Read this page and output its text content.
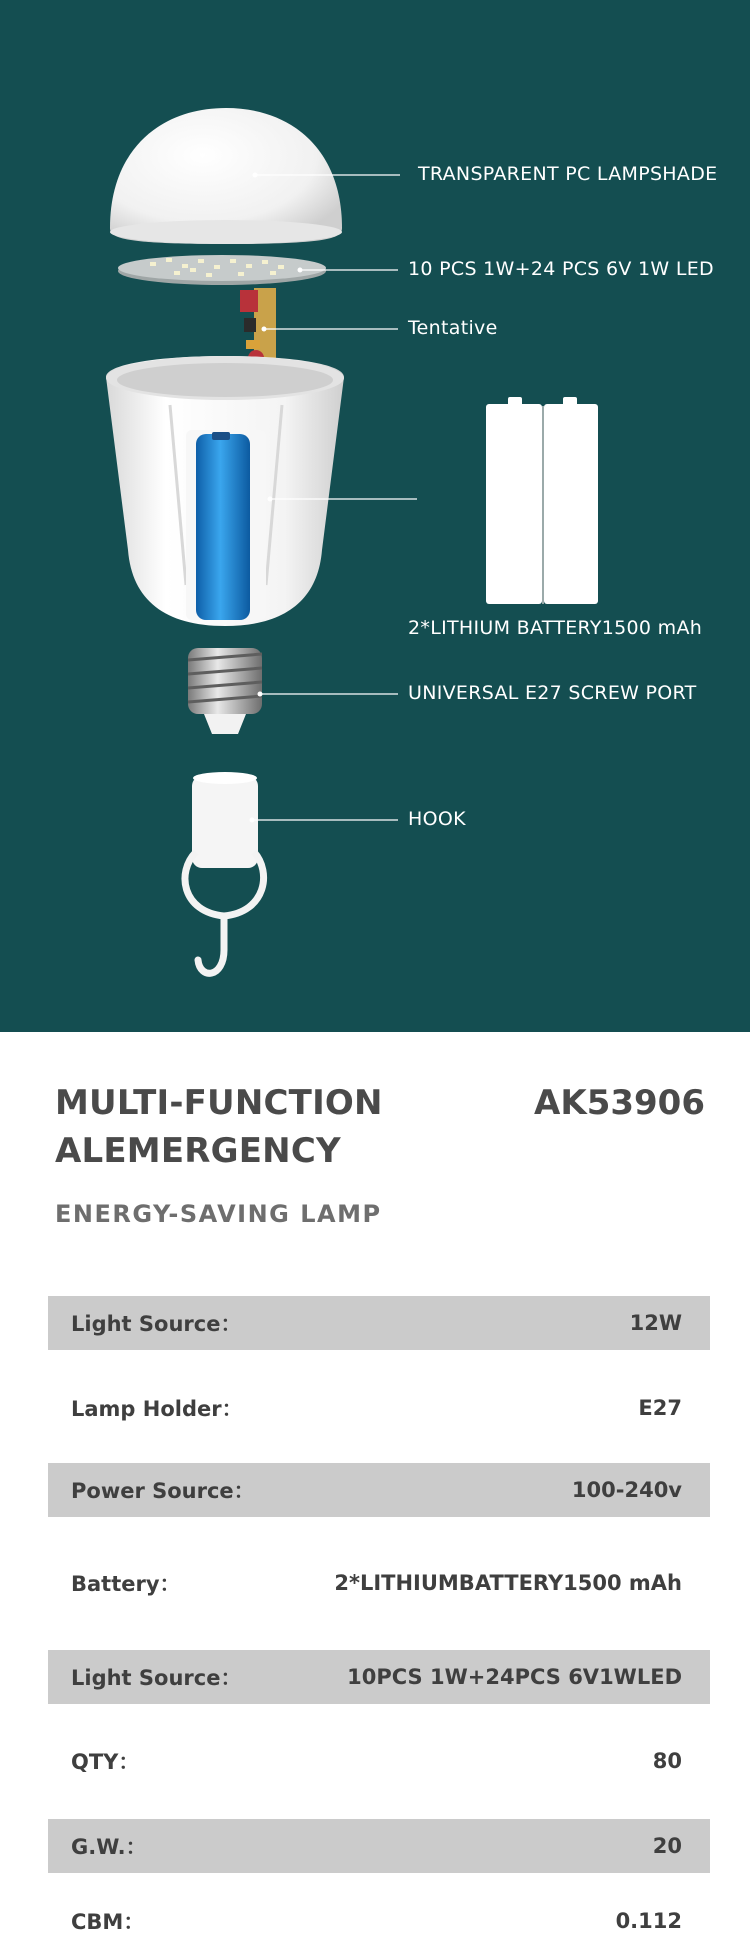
TRANSPARENT PC LAMPSHADE
10 PCS 1W+24 PCS 6V 1W LED
Tentative
2*LITHIUM BATTERY1500 mAh
UNIVERSAL E27 SCREW PORT
HOOK
MULTI-FUNCTION
ALEMERGENCY
AK53906
ENERGY-SAVING LAMP
Light Source：	12W
Lamp Holder：	E27
Power Source：	100-240v
Battery：	2*LITHIUMBATTERY1500 mAh
Light Source：	10PCS 1W+24PCS 6V1WLED
QTY：	80
G.W.：	20
CBM：	0.112
